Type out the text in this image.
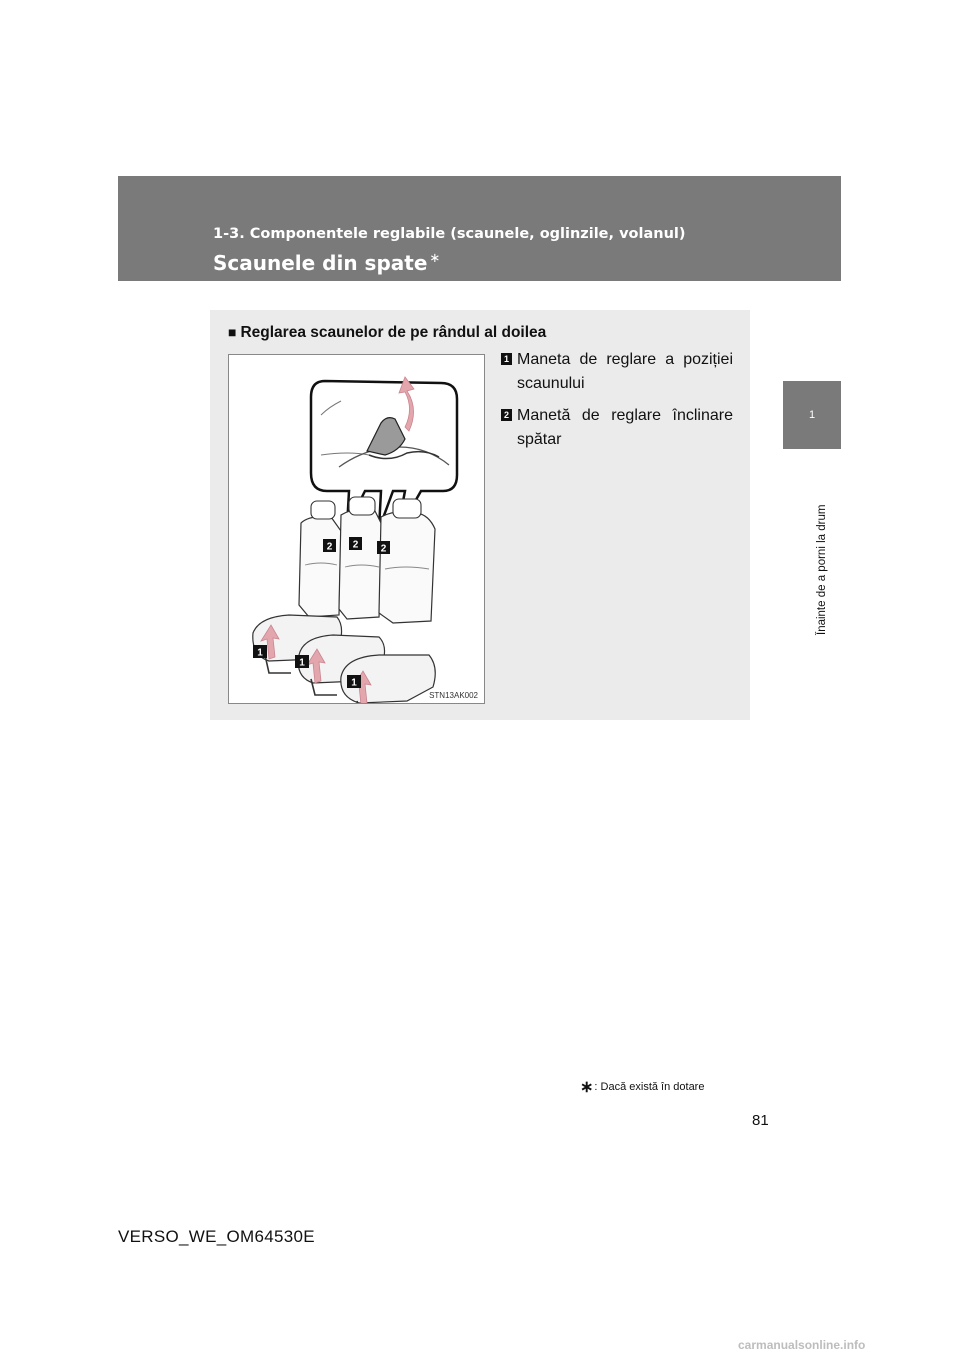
1-3. Componentele reglabile (scaunele, oglinzile, volanul)
Scaunele din spate ∗
1
Înainte de a porni la drum
■ Reglarea scaunelor de pe rândul al doilea
2 2 2
1
1
1
STN13AK002
1 Maneta de reglare a poziției scaunului
2 Manetă de reglare înclinare spătar
∗: Dacă există în dotare
81
VERSO_WE_OM64530E
carmanualsonline.info
